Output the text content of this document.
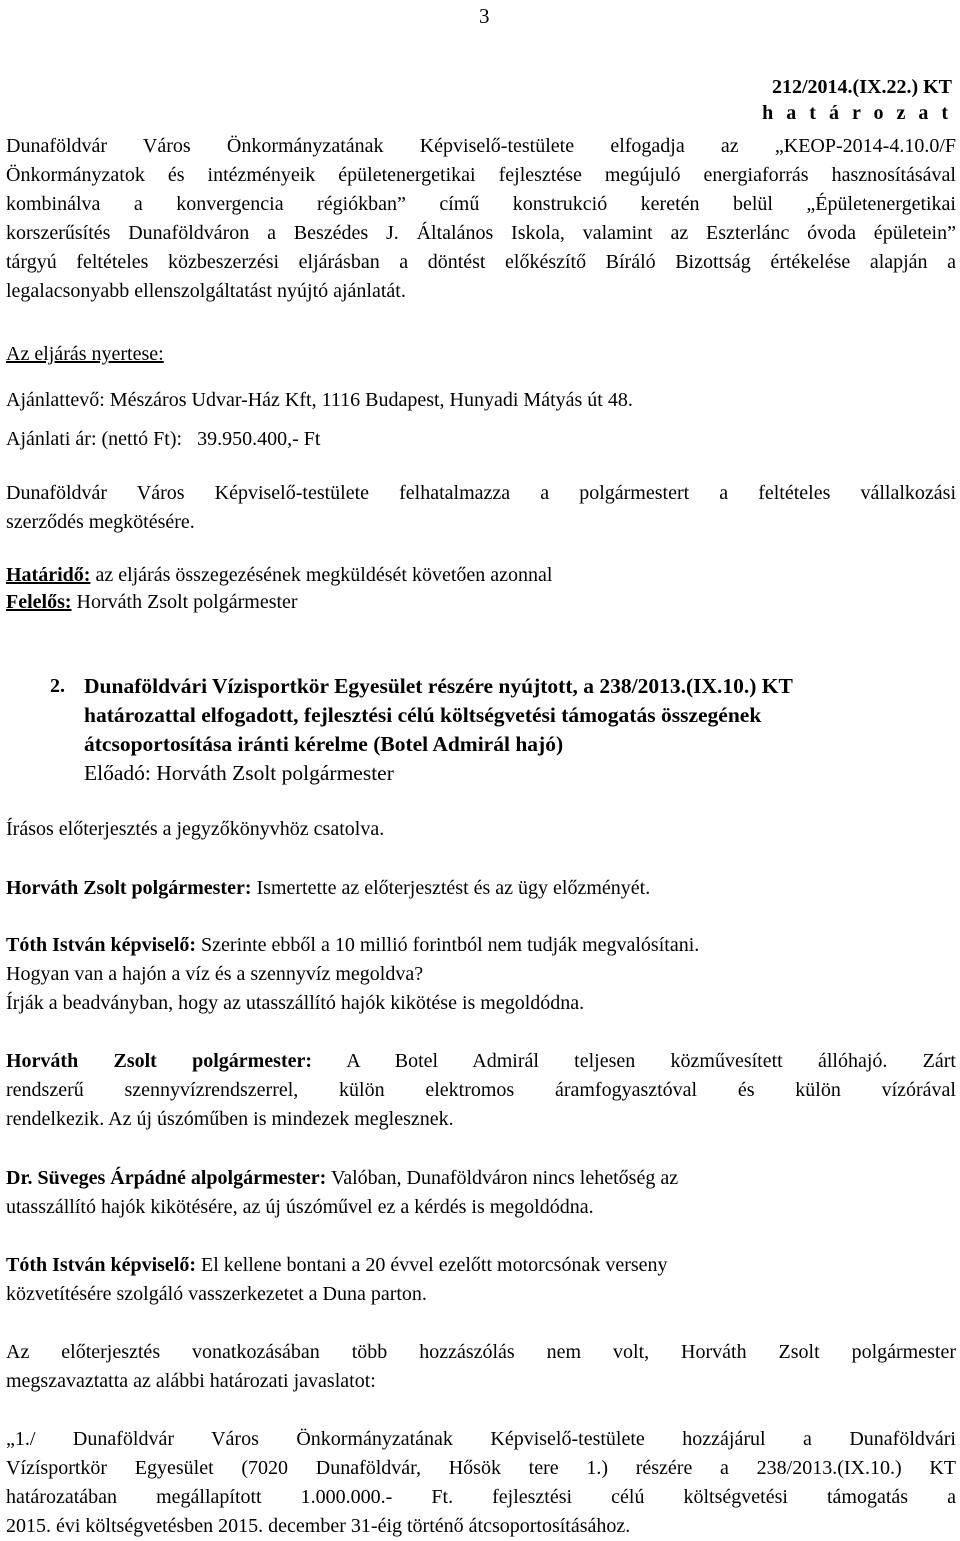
3
212/2014.(IX.22.) KT
h a t á r o z a t

Dunaföldvár Város Önkormányzatának Képviselő-testülete elfogadja az „KEOP-2014-4.10.0/F

Önkormányzatok és intézményeik épületenergetikai fejlesztése megújuló energiaforrás hasznosításával

kombinálva a konvergencia régiókban” című konstrukció keretén belül „Épületenergetikai

korszerűsítés Dunaföldváron a Beszédes J. Általános Iskola, valamint az Eszterlánc óvoda épületein”

tárgyú feltételes közbeszerzési eljárásban a döntést előkészítő Bíráló Bizottság értékelése alapján a

legalacsonyabb ellenszolgáltatást nyújtó ajánlatát.

Az eljárás nyertese:
Ajánlattevő: Mészáros Udvar-Ház Kft, 1116 Budapest, Hunyadi Mátyás út 48.
Ajánlati ár: (nettó Ft): 39.950.400,- Ft

Dunaföldvár Város Képviselő-testülete felhatalmazza a polgármestert a feltételes vállalkozási

szerződés megkötésére.

Határidő: az eljárás összegezésének megküldését követően azonnal
Felelős: Horváth Zsolt polgármester
2. Dunaföldvári Vízisportkör Egyesület részére nyújtott, a 238/2013.(IX.10.) KT

határozattal elfogadott, fejlesztési célú költségvetési támogatás összegének

átcsoportosítása iránti kérelme (Botel Admirál hajó)

Előadó: Horváth Zsolt polgármester

Írásos előterjesztés a jegyzőkönyvhöz csatolva.

Horváth Zsolt polgármester: Ismertette az előterjesztést és az ügy előzményét.

Tóth István képviselő: Szerinte ebből a 10 millió forintból nem tudják megvalósítani.

Hogyan van a hajón a víz és a szennyvíz megoldva?

Írják a beadványban, hogy az utasszállító hajók kikötése is megoldódna.

Horváth Zsolt polgármester: A Botel Admirál teljesen közművesített állóhajó. Zárt

rendszerű szennyvízrendszerrel, külön elektromos áramfogyasztóval és külön vízórával

rendelkezik. Az új úszóműben is mindezek meglesznek.

Dr. Süveges Árpádné alpolgármester: Valóban, Dunaföldváron nincs lehetőség az

utasszállító hajók kikötésére, az új úszóművel ez a kérdés is megoldódna.

Tóth István képviselő: El kellene bontani a 20 évvel ezelőtt motorcsónak verseny

közvetítésére szolgáló vasszerkezetet a Duna parton.

Az előterjesztés vonatkozásában több hozzászólás nem volt, Horváth Zsolt polgármester

megszavaztatta az alábbi határozati javaslatot:

„1./ Dunaföldvár Város Önkormányzatának Képviselő-testülete hozzájárul a Dunaföldvári

Vízísportkör Egyesület (7020 Dunaföldvár, Hősök tere 1.) részére a 238/2013.(IX.10.) KT

határozatában megállapított 1.000.000.- Ft. fejlesztési célú költségvetési támogatás a

2015. évi költségvetésben 2015. december 31-éig történő átcsoportosításához.
